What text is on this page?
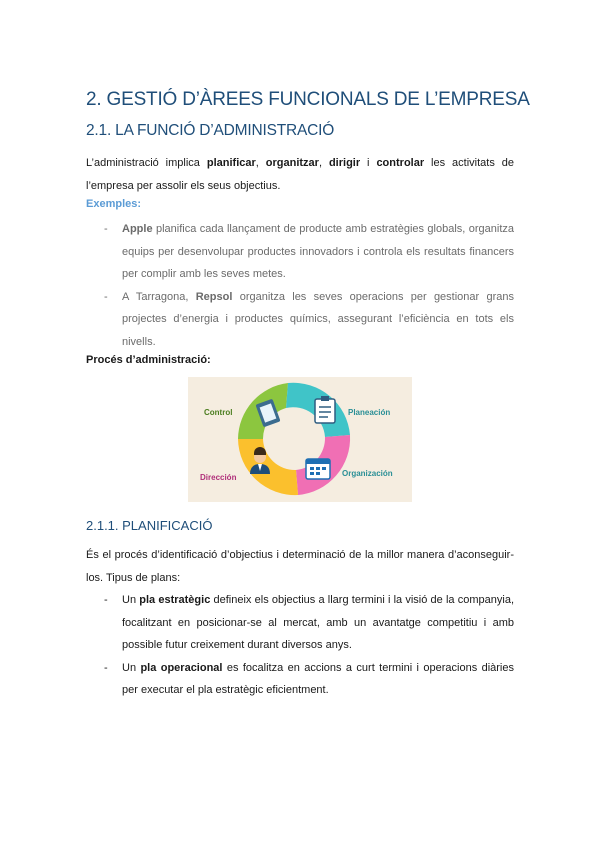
2. GESTIÓ D’ÀREES FUNCIONALS DE L’EMPRESA
2.1. LA FUNCIÓ D’ADMINISTRACIÓ
L’administració implica planificar, organitzar, dirigir i controlar les activitats de l’empresa per assolir els seus objectius.
Exemples:
- Apple planifica cada llançament de producte amb estratègies globals, organitza equips per desenvolupar productes innovadors i controla els resultats financers per complir amb les seves metes.
- A Tarragona, Repsol organitza les seves operacions per gestionar grans projectes d’energia i productes químics, assegurant l’eficiència en tots els nivells.
Procés d’administració:
2.1.1. PLANIFICACIÓ
És el procés d’identificació d’objectius i determinació de la millor manera d’aconseguir-los. Tipus de plans:
- Un pla estratègic defineix els objectius a llarg termini i la visió de la companyia, focalitzant en posicionar-se al mercat, amb un avantatge competitiu i amb possible futur creixement durant diversos anys.
- Un pla operacional es focalitza en accions a curt termini i operacions diàries per executar el pla estratègic eficientment.
Control	Planeación
Organización
Dirección
